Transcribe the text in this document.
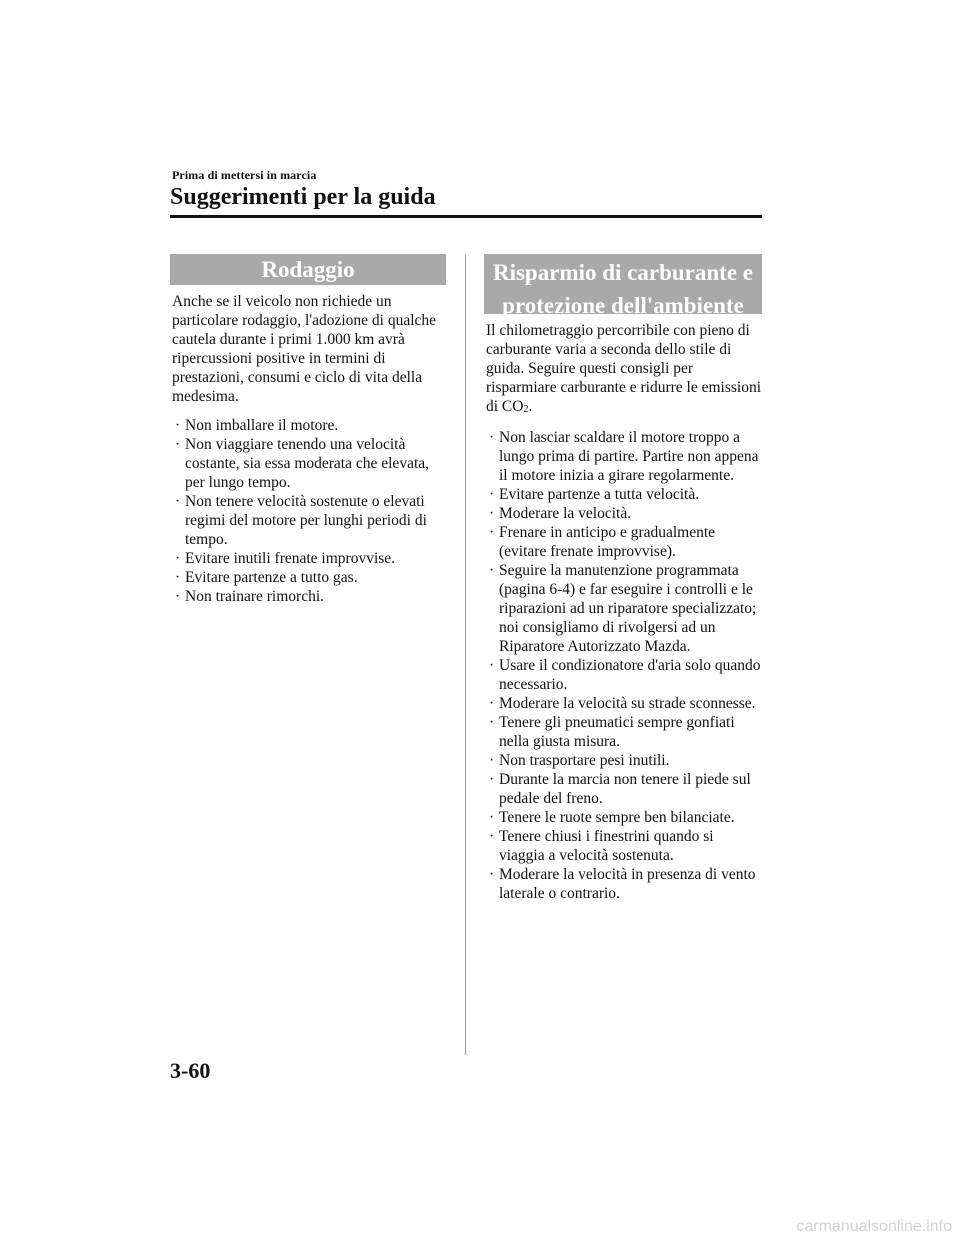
Prima di mettersi in marcia
Suggerimenti per la guida
Rodaggio

Anche se il veicolo non richiede un particolare rodaggio, l'adozione di qualche cautela durante i primi 1.000 km avrà ripercussioni positive in termini di prestazioni, consumi e ciclo di vita della medesima.

· Non imballare il motore.
· Non viaggiare tenendo una velocità costante, sia essa moderata che elevata, per lungo tempo.
· Non tenere velocità sostenute o elevati regimi del motore per lunghi periodi di tempo.
· Evitare inutili frenate improvvise.
· Evitare partenze a tutto gas.
· Non trainare rimorchi.
Risparmio di carburante e
protezione dell'ambiente

Il chilometraggio percorribile con pieno di carburante varia a seconda dello stile di guida. Seguire questi consigli per risparmiare carburante e ridurre le emissioni di $CO_2$.

· Non lasciar scaldare il motore troppo a lungo prima di partire. Partire non appena il motore inizia a girare regolarmente.
· Evitare partenze a tutta velocità.
· Moderare la velocità.
· Frenare in anticipo e gradualmente (evitare frenate improvvise).
· Seguire la manutenzione programmata (pagina 6-4) e far eseguire i controlli e le riparazioni ad un riparatore specializzato; noi consigliamo di rivolgersi ad un Riparatore Autorizzato Mazda.
· Usare il condizionatore d'aria solo quando necessario.
· Moderare la velocità su strade sconnesse.
· Tenere gli pneumatici sempre gonfiati nella giusta misura.
· Non trasportare pesi inutili.
· Durante la marcia non tenere il piede sul pedale del freno.
· Tenere le ruote sempre ben bilanciate.
· Tenere chiusi i finestrini quando si viaggia a velocità sostenuta.
· Moderare la velocità in presenza di vento laterale o contrario.
3-60
carmanualsonline.info
